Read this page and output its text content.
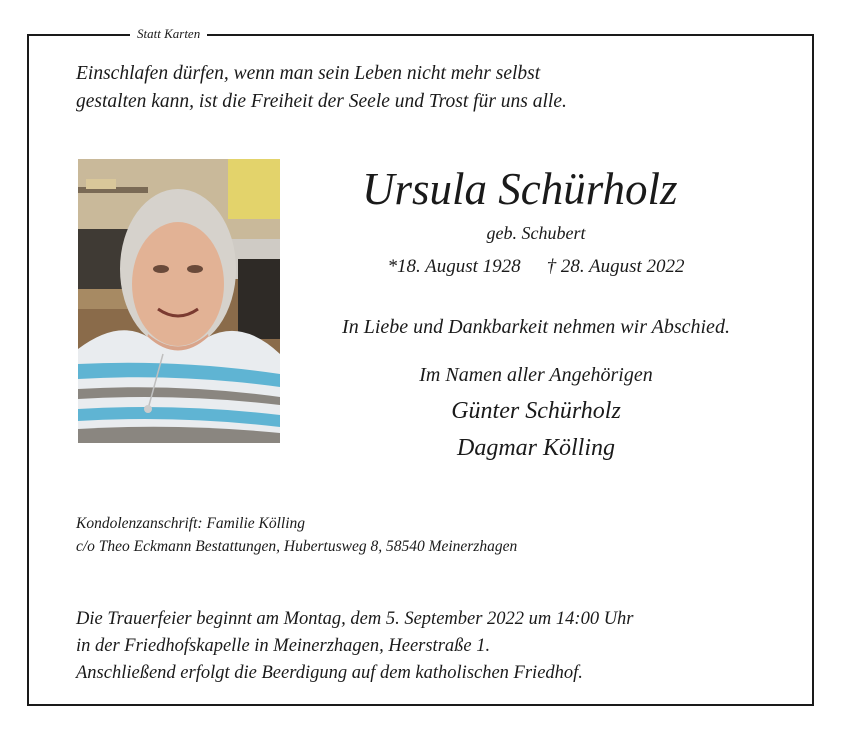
Statt Karten
Einschlafen dürfen, wenn man sein Leben nicht mehr selbst
gestalten kann, ist die Freiheit der Seele und Trost für uns alle.
Ursula Schürholz
geb. Schubert
*18. August 1928 † 28. August 2022
In Liebe und Dankbarkeit nehmen wir Abschied.
Im Namen aller Angehörigen
Günter Schürholz
Dagmar Kölling
Kondolenzanschrift: Familie Kölling
c/o Theo Eckmann Bestattungen, Hubertusweg 8, 58540 Meinerzhagen
Die Trauerfeier beginnt am Montag, dem 5. September 2022 um 14:00 Uhr
in der Friedhofskapelle in Meinerzhagen, Heerstraße 1.
Anschließend erfolgt die Beerdigung auf dem katholischen Friedhof.
